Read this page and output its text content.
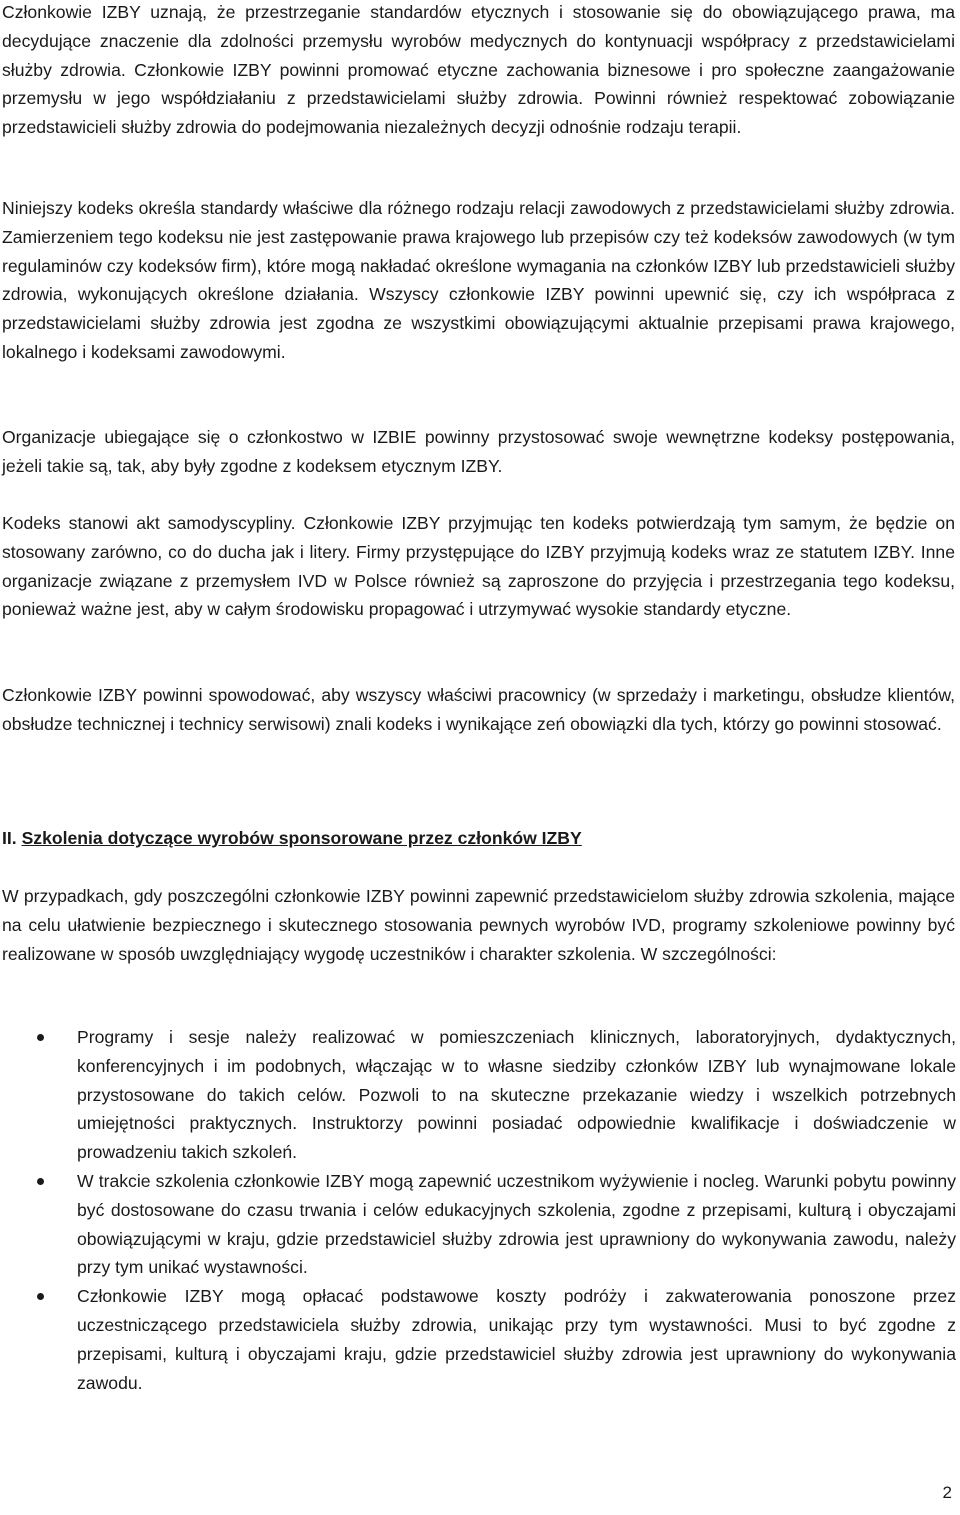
Członkowie IZBY uznają, że przestrzeganie standardów etycznych i stosowanie się do obowiązującego prawa, ma decydujące znaczenie dla zdolności przemysłu wyrobów medycznych do kontynuacji współpracy z przedstawicielami służby zdrowia. Członkowie IZBY powinni promować etyczne zachowania biznesowe i pro społeczne zaangażowanie przemysłu w jego współdziałaniu z przedstawicielami służby zdrowia. Powinni również respektować zobowiązanie przedstawicieli służby zdrowia do podejmowania niezależnych decyzji odnośnie rodzaju terapii.

Niniejszy kodeks określa standardy właściwe dla różnego rodzaju relacji zawodowych z przedstawicielami służby zdrowia. Zamierzeniem tego kodeksu nie jest zastępowanie prawa krajowego lub przepisów czy też kodeksów zawodowych (w tym regulaminów czy kodeksów firm), które mogą nakładać określone wymagania na członków IZBY lub przedstawicieli służby zdrowia, wykonujących określone działania. Wszyscy członkowie IZBY powinni upewnić się, czy ich współpraca z przedstawicielami służby zdrowia jest zgodna ze wszystkimi obowiązującymi aktualnie przepisami prawa krajowego, lokalnego i kodeksami zawodowymi.

Organizacje ubiegające się o członkostwo w IZBIE powinny przystosować swoje wewnętrzne kodeksy postępowania, jeżeli takie są, tak, aby były zgodne z kodeksem etycznym IZBY.

Kodeks stanowi akt samodyscypliny. Członkowie IZBY przyjmując ten kodeks potwierdzają tym samym, że będzie on stosowany zarówno, co do ducha jak i litery. Firmy przystępujące do IZBY przyjmują kodeks wraz ze statutem IZBY. Inne organizacje związane z przemysłem IVD w Polsce również są zaproszone do przyjęcia i przestrzegania tego kodeksu, ponieważ ważne jest, aby w całym środowisku propagować i utrzymywać wysokie standardy etyczne.

Członkowie IZBY powinni spowodować, aby wszyscy właściwi pracownicy (w sprzedaży i marketingu, obsłudze klientów, obsłudze technicznej i technicy serwisowi) znali kodeks i wynikające zeń obowiązki dla tych, którzy go powinni stosować.

II. Szkolenia dotyczące wyrobów sponsorowane przez członków IZBY

W przypadkach, gdy poszczególni członkowie IZBY powinni zapewnić przedstawicielom służby zdrowia szkolenia, mające na celu ułatwienie bezpiecznego i skutecznego stosowania pewnych wyrobów IVD, programy szkoleniowe powinny być realizowane w sposób uwzględniający wygodę uczestników i charakter szkolenia. W szczególności:

Programy i sesje należy realizować w pomieszczeniach klinicznych, laboratoryjnych, dydaktycznych, konferencyjnych i im podobnych, włączając w to własne siedziby członków IZBY lub wynajmowane lokale przystosowane do takich celów. Pozwoli to na skuteczne przekazanie wiedzy i wszelkich potrzebnych umiejętności praktycznych. Instruktorzy powinni posiadać odpowiednie kwalifikacje i doświadczenie w prowadzeniu takich szkoleń.
W trakcie szkolenia członkowie IZBY mogą zapewnić uczestnikom wyżywienie i nocleg. Warunki pobytu powinny być dostosowane do czasu trwania i celów edukacyjnych szkolenia, zgodne z przepisami, kulturą i obyczajami obowiązującymi w kraju, gdzie przedstawiciel służby zdrowia jest uprawniony do wykonywania zawodu, należy przy tym unikać wystawności.
Członkowie IZBY mogą opłacać podstawowe koszty podróży i zakwaterowania ponoszone przez uczestniczącego przedstawiciela służby zdrowia, unikając przy tym wystawności. Musi to być zgodne z przepisami, kulturą i obyczajami kraju, gdzie przedstawiciel służby zdrowia jest uprawniony do wykonywania zawodu.
2
